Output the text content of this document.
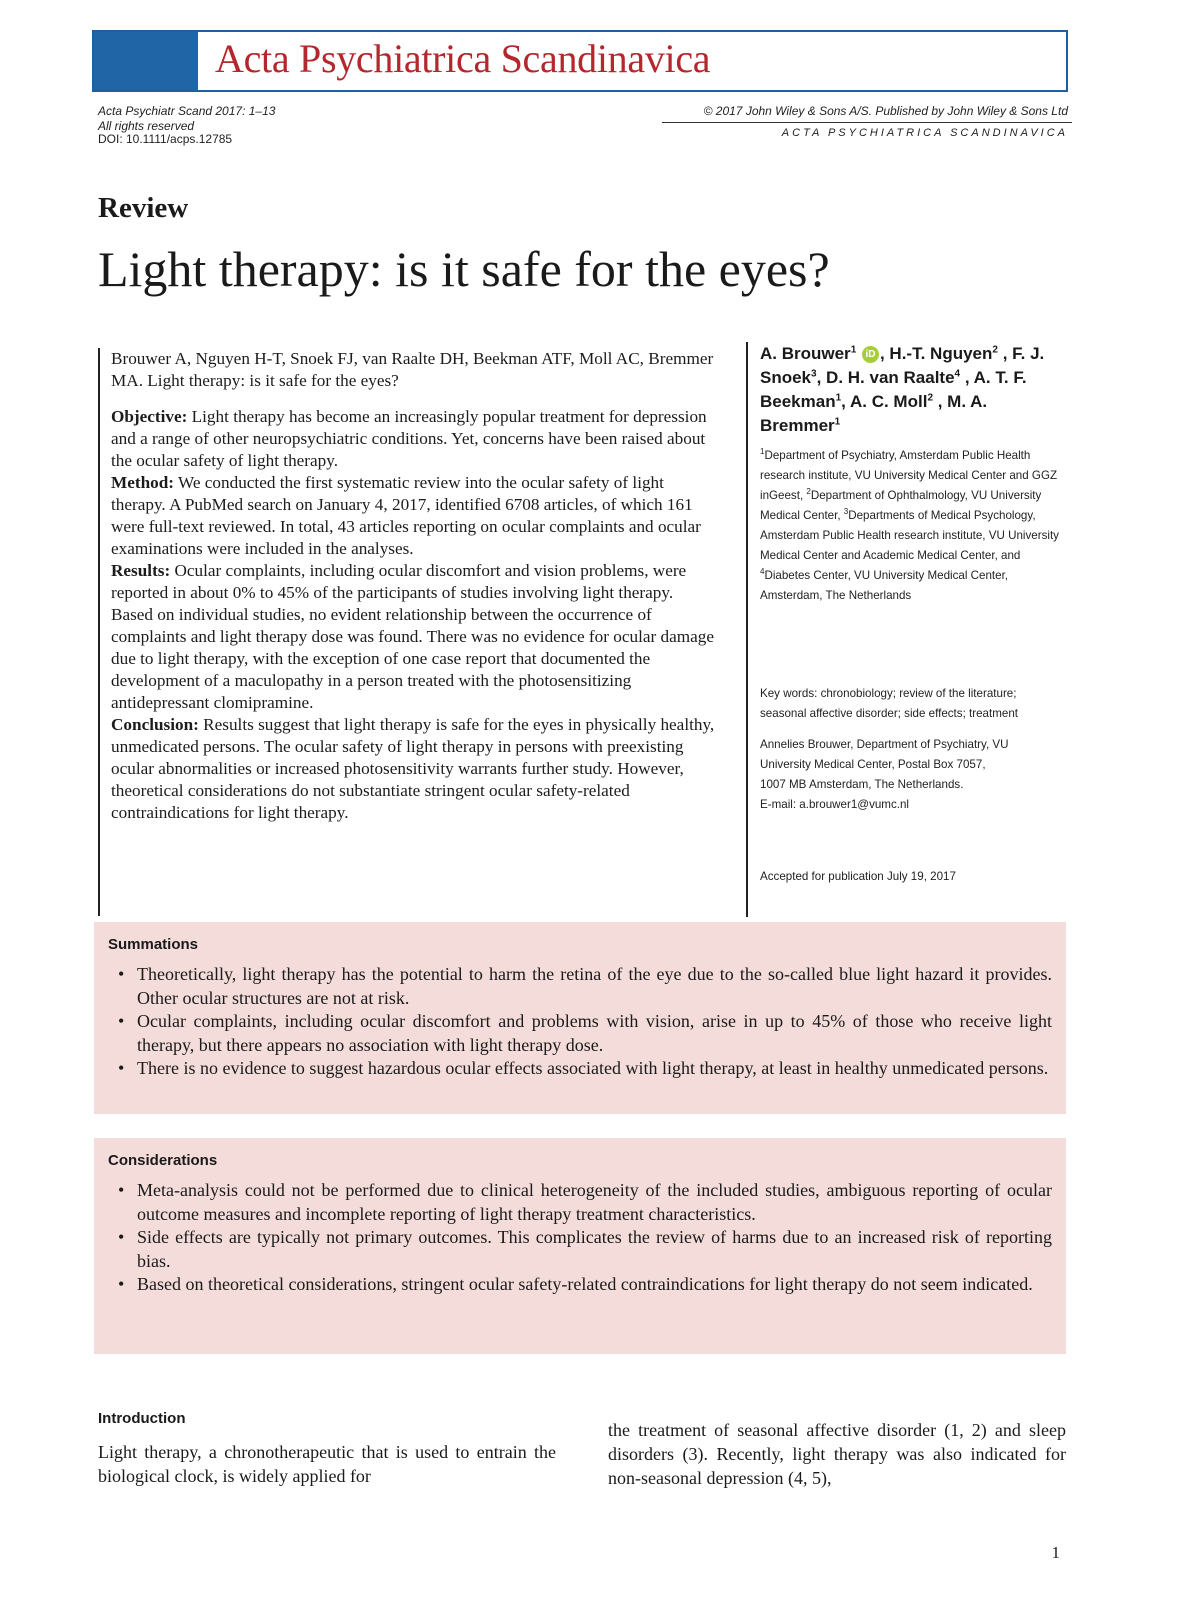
Acta Psychiatrica Scandinavica
Acta Psychiatr Scand 2017: 1–13
All rights reserved
DOI: 10.1111/acps.12785
© 2017 John Wiley & Sons A/S. Published by John Wiley & Sons Ltd
ACTA PSYCHIATRICA SCANDINAVICA
Review
Light therapy: is it safe for the eyes?

Brouwer A, Nguyen H-T, Snoek FJ, van Raalte DH, Beekman ATF, Moll AC, Bremmer MA. Light therapy: is it safe for the eyes?

Objective: Light therapy has become an increasingly popular treatment for depression and a range of other neuropsychiatric conditions. Yet, concerns have been raised about the ocular safety of light therapy.

Method: We conducted the first systematic review into the ocular safety of light therapy. A PubMed search on January 4, 2017, identified 6708 articles, of which 161 were full-text reviewed. In total, 43 articles reporting on ocular complaints and ocular examinations were included in the analyses.

Results: Ocular complaints, including ocular discomfort and vision problems, were reported in about 0% to 45% of the participants of studies involving light therapy. Based on individual studies, no evident relationship between the occurrence of complaints and light therapy dose was found. There was no evidence for ocular damage due to light therapy, with the exception of one case report that documented the development of a maculopathy in a person treated with the photosensitizing antidepressant clomipramine.

Conclusion: Results suggest that light therapy is safe for the eyes in physically healthy, unmedicated persons. The ocular safety of light therapy in persons with preexisting ocular abnormalities or increased photosensitivity warrants further study. However, theoretical considerations do not substantiate stringent ocular safety-related contraindications for light therapy.

A. Brouwer$^1$ iD , H.-T. Nguyen$^2$ , F. J. Snoek$^3$, D. H. van Raalte$^4$ , A. T. F. Beekman$^1$, A. C. Moll$^2$ , M. A. Bremmer$^1$
$^1$Department of Psychiatry, Amsterdam Public Health research institute, VU University Medical Center and GGZ inGeest, $^2$Department of Ophthalmology, VU University Medical Center, $^3$Departments of Medical Psychology, Amsterdam Public Health research institute, VU University Medical Center and Academic Medical Center, and $^4$Diabetes Center, VU University Medical Center, Amsterdam, The Netherlands
Key words: chronobiology; review of the literature; seasonal affective disorder; side effects; treatment
Annelies Brouwer, Department of Psychiatry, VU
University Medical Center, Postal Box 7057,
1007 MB Amsterdam, The Netherlands.
E-mail: a.brouwer1@vumc.nl
Accepted for publication July 19, 2017
Summations
• Theoretically, light therapy has the potential to harm the retina of the eye due to the so-called blue light hazard it provides. Other ocular structures are not at risk.
• Ocular complaints, including ocular discomfort and problems with vision, arise in up to 45% of those who receive light therapy, but there appears no association with light therapy dose.
• There is no evidence to suggest hazardous ocular effects associated with light therapy, at least in healthy unmedicated persons.
Considerations
• Meta-analysis could not be performed due to clinical heterogeneity of the included studies, ambiguous reporting of ocular outcome measures and incomplete reporting of light therapy treatment characteristics.
• Side effects are typically not primary outcomes. This complicates the review of harms due to an increased risk of reporting bias.
• Based on theoretical considerations, stringent ocular safety-related contraindications for light therapy do not seem indicated.
Introduction
Light therapy, a chronotherapeutic that is used to entrain the biological clock, is widely applied for
the treatment of seasonal affective disorder (1, 2) and sleep disorders (3). Recently, light therapy was also indicated for non-seasonal depression (4, 5),
1
